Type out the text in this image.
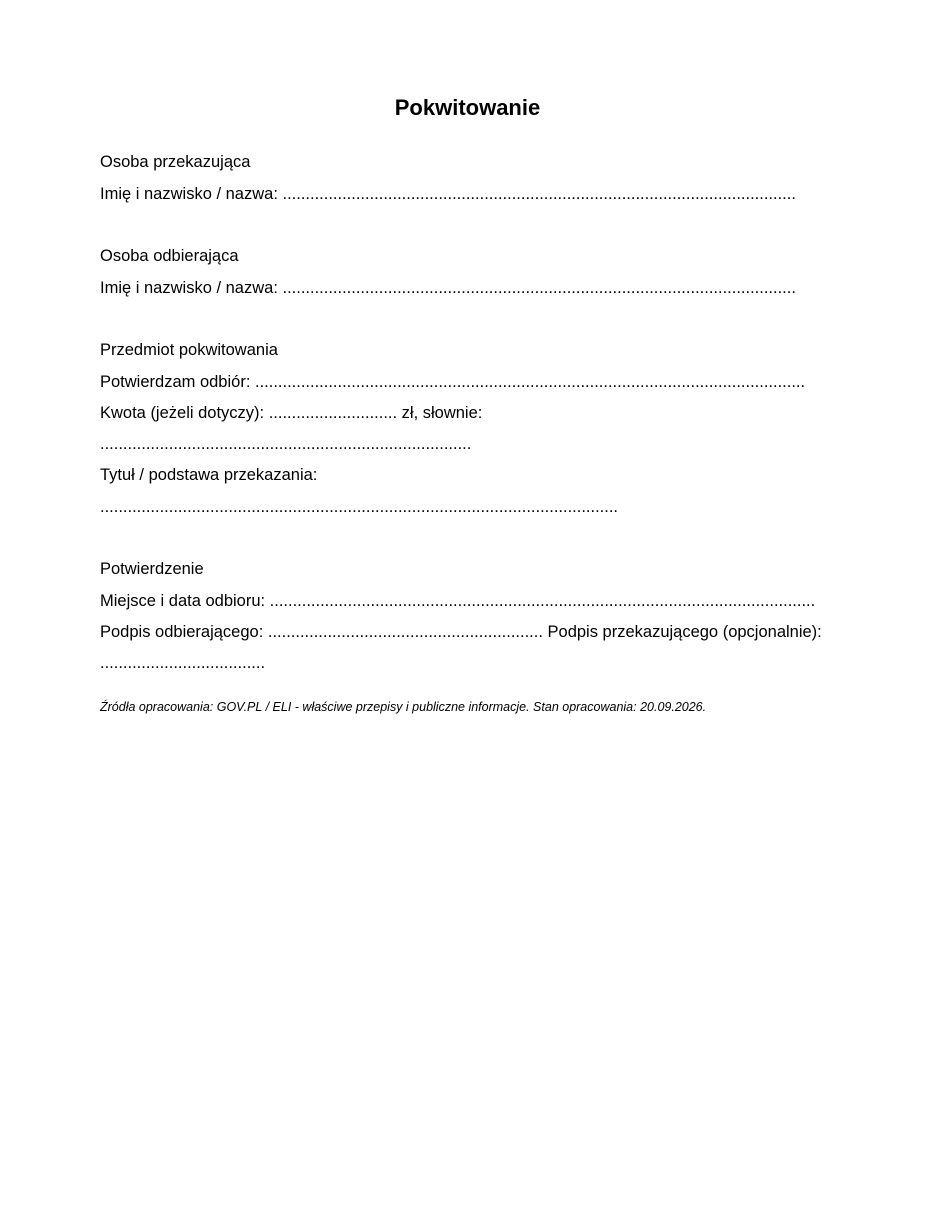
Pokwitowanie
Osoba przekazująca
Imię i nazwisko / nazwa: ................................................................................................................
Osoba odbierająca
Imię i nazwisko / nazwa: ................................................................................................................
Przedmiot pokwitowania
Potwierdzam odbiór: ........................................................................................................................
Kwota (jeżeli dotyczy): ............................ zł, słownie:
.................................................................................
Tytuł / podstawa przekazania:
.................................................................................................................
Potwierdzenie
Miejsce i data odbioru: .......................................................................................................................
Podpis odbierającego: ............................................................ Podpis przekazującego (opcjonalnie):
....................................
Źródła opracowania: GOV.PL / ELI - właściwe przepisy i publiczne informacje. Stan opracowania: 20.09.2026.
